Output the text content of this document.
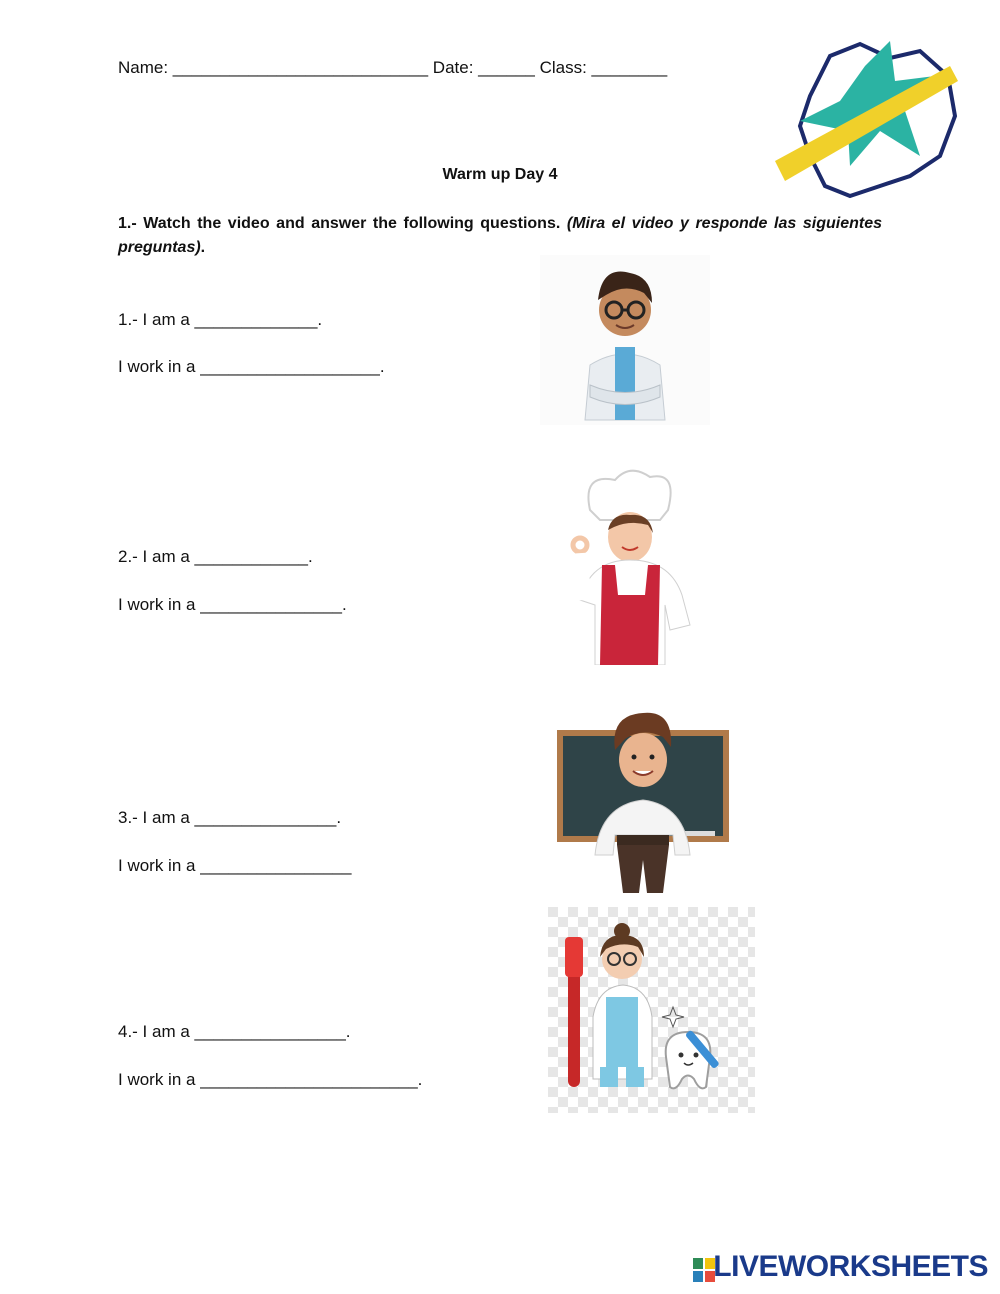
Name: ___________________________ Date: ______ Class: ________
Warm up Day 4
1.- Watch the video and answer the following questions. (Mira el video y responde las siguientes preguntas).
1.- I am a _____________.
I work in a ___________________.
2.- I am a ____________.
I work in a _______________.
3.- I am a _______________.
I work in a ________________
4.- I am a ________________.
I work in a _______________________.
LIVEWORKSHEETS
